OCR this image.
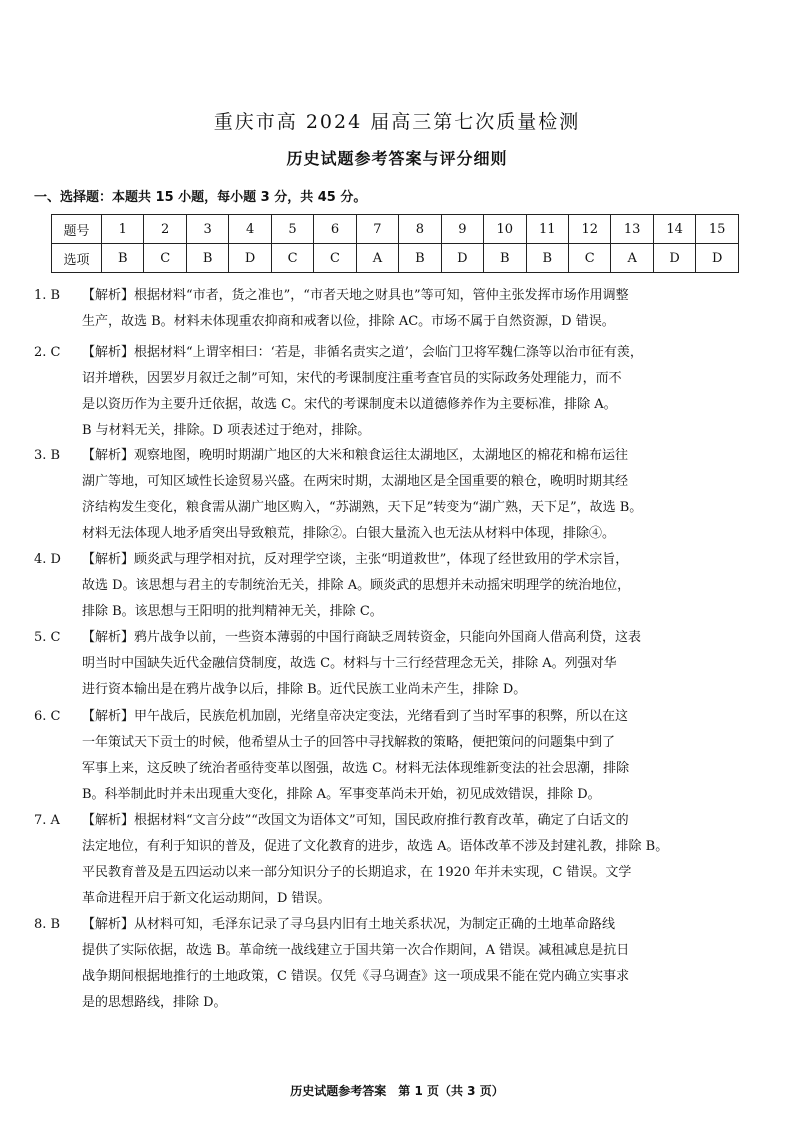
重庆市高 2024 届高三第七次质量检测
历史试题参考答案与评分细则
一、选择题：本题共 15 小题，每小题 3 分，共 45 分。
题号	1	2	3	4	5	6	7	8	9	10	11	12	13	14	15
选项	B	C	B	D	C	C	A	B	D	B	B	C	A	D	D
1. B 【解析】根据材料“市者，货之准也”，“市者天地之财具也”等可知，管仲主张发挥市场作用调整
生产，故选 B。材料未体现重农抑商和戒奢以俭，排除 AC。市场不属于自然资源，D 错误。
2. C 【解析】根据材料“上谓宰相曰：‘若是，非循名责实之道’，会临门卫将军魏仁涤等以治市征有羡，
诏并增秩，因罢岁月叙迁之制”可知，宋代的考课制度注重考查官员的实际政务处理能力，而不
是以资历作为主要升迁依据，故选 C。宋代的考课制度未以道德修养作为主要标准，排除 A。
B 与材料无关，排除。D 项表述过于绝对，排除。
3. B 【解析】观察地图，晚明时期湖广地区的大米和粮食运往太湖地区，太湖地区的棉花和棉布运往
湖广等地，可知区域性长途贸易兴盛。在两宋时期，太湖地区是全国重要的粮仓，晚明时期其经
济结构发生变化，粮食需从湖广地区购入，“苏湖熟，天下足”转变为“湖广熟，天下足”，故选 B。
材料无法体现人地矛盾突出导致粮荒，排除②。白银大量流入也无法从材料中体现，排除④。
4. D 【解析】顾炎武与理学相对抗，反对理学空谈，主张“明道救世”，体现了经世致用的学术宗旨，
故选 D。该思想与君主的专制统治无关，排除 A。顾炎武的思想并未动摇宋明理学的统治地位，
排除 B。该思想与王阳明的批判精神无关，排除 C。
5. C 【解析】鸦片战争以前，一些资本薄弱的中国行商缺乏周转资金，只能向外国商人借高利贷，这表
明当时中国缺失近代金融信贷制度，故选 C。材料与十三行经营理念无关，排除 A。列强对华
进行资本输出是在鸦片战争以后，排除 B。近代民族工业尚未产生，排除 D。
6. C 【解析】甲午战后，民族危机加剧，光绪皇帝决定变法，光绪看到了当时军事的积弊，所以在这
一年策试天下贡士的时候，他希望从士子的回答中寻找解救的策略，便把策问的问题集中到了
军事上来，这反映了统治者亟待变革以图强，故选 C。材料无法体现维新变法的社会思潮，排除
B。科举制此时并未出现重大变化，排除 A。军事变革尚未开始，初见成效错误，排除 D。
7. A 【解析】根据材料“文言分歧”“改国文为语体文”可知，国民政府推行教育改革，确定了白话文的
法定地位，有利于知识的普及，促进了文化教育的进步，故选 A。语体改革不涉及封建礼教，排除 B。
平民教育普及是五四运动以来一部分知识分子的长期追求，在 1920 年并未实现，C 错误。文学
革命进程开启于新文化运动期间，D 错误。
8. B 【解析】从材料可知，毛泽东记录了寻乌县内旧有土地关系状况，为制定正确的土地革命路线
提供了实际依据，故选 B。革命统一战线建立于国共第一次合作期间，A 错误。减租减息是抗日
战争期间根据地推行的土地政策，C 错误。仅凭《寻乌调查》这一项成果不能在党内确立实事求
是的思想路线，排除 D。
历史试题参考答案　第 1 页（共 3 页）
